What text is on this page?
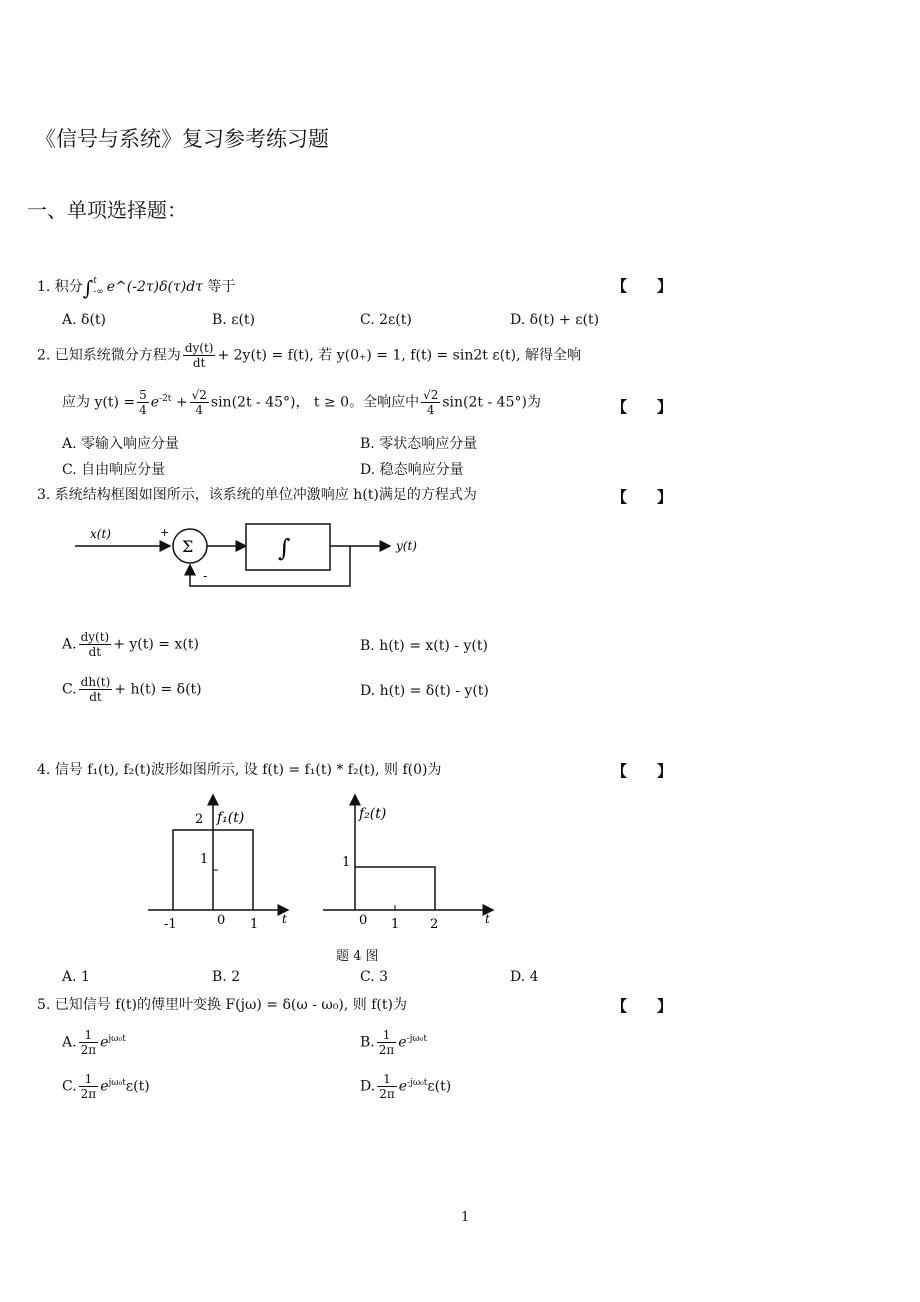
《信号与系统》复习参考练习题
一、单项选择题：
1. 积分∫t
-∞ e^(-2τ)δ(τ)dτ 等于	【　　】
A. δ(t)	B. ε(t)	C. 2ε(t)	D. δ(t) + ε(t)
2. 已知系统微分方程为 $\frac{dy(t)}{dt} + 2y(t) = f(t)$, 若 y(0₊) = 1, f(t) = sin2t ε(t), 解得全响
应为 $y(t) = \frac{5}{4} e^{-2t} + \frac{√2}{4} \sin(2t - 45^\circ)$， t ≥ 0。全响应中 $\frac{√2}{4} \sin(2t - 45^\circ)$为	【　　】
A. 零输入响应分量	B. 零状态响应分量
C. 自由响应分量	D. 稳态响应分量
3. 系统结构框图如图所示，该系统的单位冲激响应 h(t)满足的方程式为	【　　】
x(t)	+
Σ	∫	y(t)
-
A. $\frac{dy(t)}{dt} + y(t) = x(t)$	B. h(t) = x(t) - y(t)
C. $\frac{dh(t)}{dt} + h(t) = \delta(t)$	D. h(t) = δ(t) - y(t)
4. 信号 f₁(t), f₂(t)波形如图所示, 设 f(t) = f₁(t) * f₂(t), 则 f(0)为	【　　】
f₁(t)
2
1
-1	0 1 t
f₂(t)
1
0 1 2	t
题 4 图
A. 1	B. 2	C. 3	D. 4
5. 已知信号 f(t)的傅里叶变换 F(jω) = δ(ω - ω₀), 则 f(t)为	【　　】
A. $\frac{1}{2\pi} e^{j\omega_0t}$	B. $\frac{1}{2\pi} e^{-j\omega_0t}$
C. $\frac{1}{2\pi} e^{j\omega_0t}\varepsilon(t)$	D. $\frac{1}{2\pi} e^{-j\omega_0t}\varepsilon(t)$
1
